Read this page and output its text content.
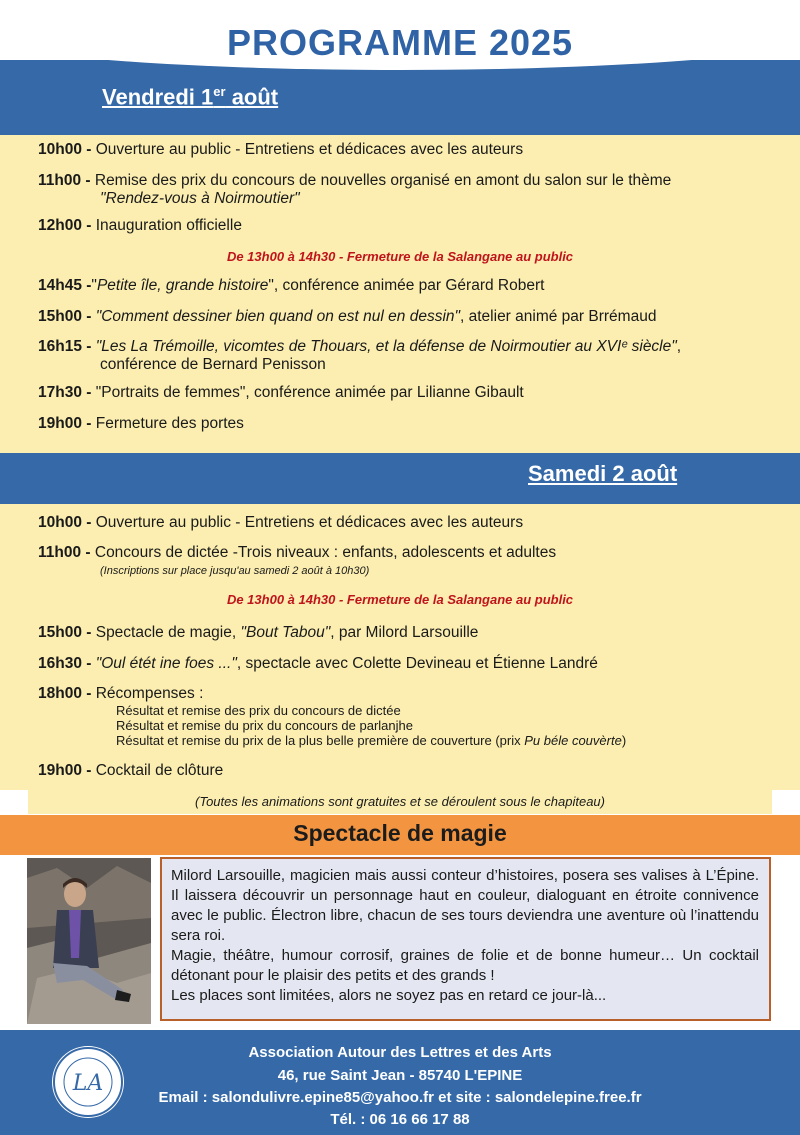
PROGRAMME 2025
Vendredi 1er août
10h00 - Ouverture au public - Entretiens et dédicaces avec les auteurs
11h00 - Remise des prix du concours de nouvelles organisé en amont du salon sur le thème
"Rendez-vous à Noirmoutier"
12h00 - Inauguration officielle
De 13h00 à 14h30 - Fermeture de la Salangane au public
14h45 -"Petite île, grande histoire", conférence animée par Gérard Robert
15h00 - "Comment dessiner bien quand on est nul en dessin", atelier animé par Brrémaud
16h15 - "Les La Trémoille, vicomtes de Thouars, et la défense de Noirmoutier au XVIᵉ siècle",
conférence de Bernard Penisson
17h30 - "Portraits de femmes", conférence animée par Lilianne Gibault
19h00 - Fermeture des portes
Samedi 2 août
10h00 - Ouverture au public - Entretiens et dédicaces avec les auteurs
11h00 - Concours de dictée -Trois niveaux : enfants, adolescents et adultes
(Inscriptions sur place jusqu'au samedi 2 août à 10h30)
De 13h00 à 14h30 - Fermeture de la Salangane au public
15h00 - Spectacle de magie, "Bout Tabou", par Milord Larsouille
16h30 - "Oul étét ine foes ...", spectacle avec Colette Devineau et Étienne Landré
18h00 - Récompenses :
Résultat et remise des prix du concours de dictée
Résultat et remise du prix du concours de parlanjhe
Résultat et remise du prix de la plus belle première de couverture (prix Pu béle couvèrte)
19h00 - Cocktail de clôture
(Toutes les animations sont gratuites et se déroulent sous le chapiteau)
Spectacle de magie

Milord Larsouille, magicien mais aussi conteur d’histoires, posera ses valises à L’Épine. Il laissera découvrir un personnage haut en couleur, dialoguant en étroite connivence avec le public. Électron libre, chacun de ses tours deviendra une aventure où l’inattendu sera roi.

Magie, théâtre, humour corrosif, graines de folie et de bonne humeur… Un cocktail détonant pour le plaisir des petits et des grands !

Les places sont limitées, alors ne soyez pas en retard ce jour-là...

Association Autour des Lettres et des Arts
46, rue Saint Jean - 85740 L'EPINE
Email : salondulivre.epine85@yahoo.fr et site : salondelepine.free.fr
Tél. : 06 16 66 17 88
LA
